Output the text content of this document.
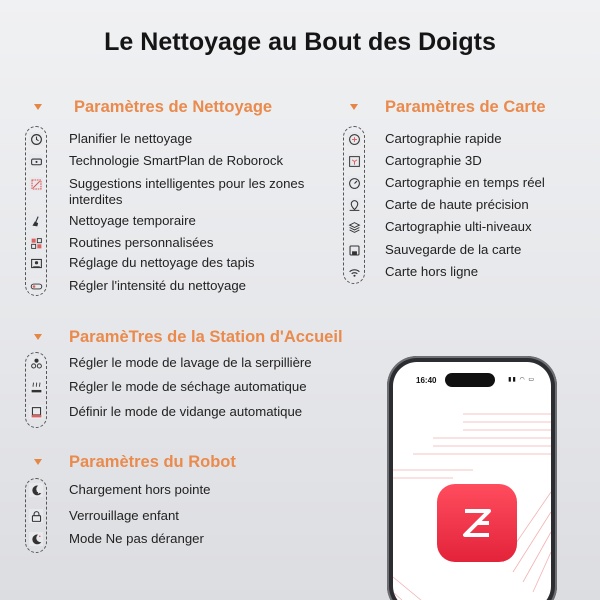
Le Nettoyage au Bout des Doigts
Paramètres de Nettoyage
Planifier le nettoyage
Technologie SmartPlan de Roborock
Suggestions intelligentes pour les zones interdites
Nettoyage temporaire
Routines personnalisées
Réglage du nettoyage des tapis
Régler l'intensité du nettoyage
Paramètres de Carte
Cartographie rapide
Cartographie 3D
Cartographie en temps réel
Carte de haute précision
Cartographie ulti-niveaux
Sauvegarde de la carte
Carte hors ligne
ParamèTres de la Station d'Accueil
Régler le mode de lavage de la serpillière
Régler le mode de séchage automatique
Définir le mode de vidange automatique
Paramètres du Robot
Chargement hors pointe
Verrouillage enfant
Mode Ne pas déranger
16:40	▮▮ ◠ ▭
